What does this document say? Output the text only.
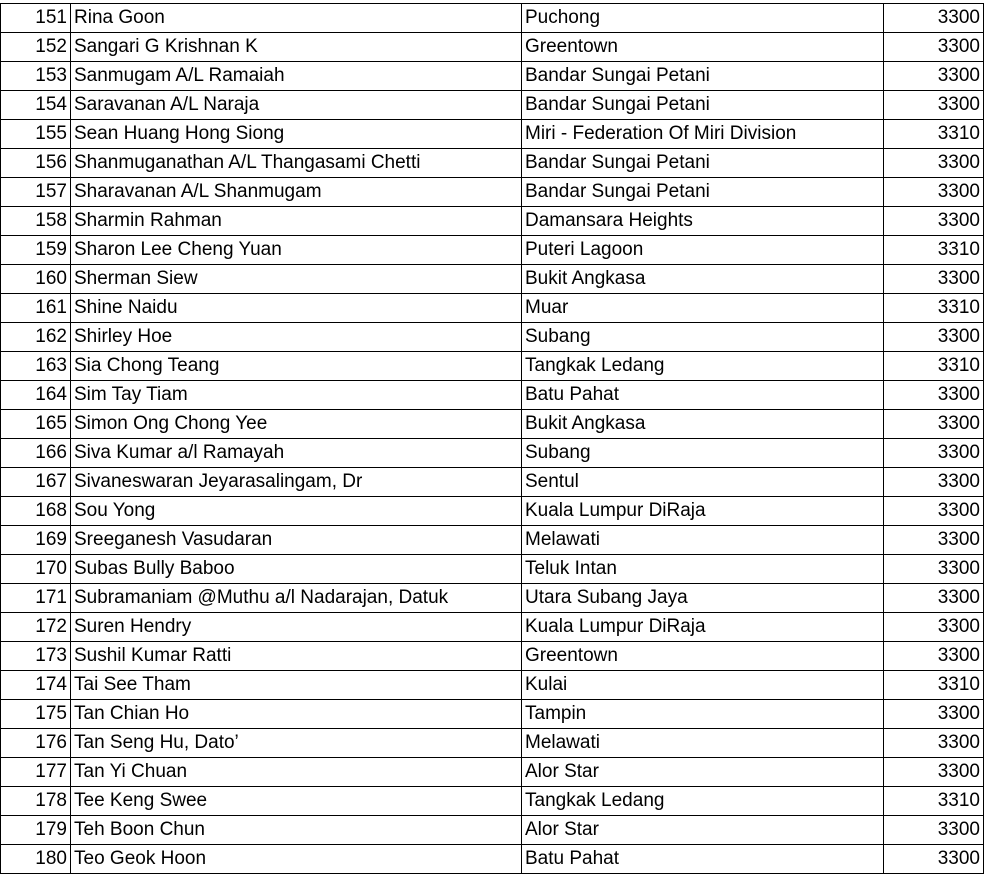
151	Rina Goon	Puchong	3300
152	Sangari G Krishnan K	Greentown	3300
153	Sanmugam A/L Ramaiah	Bandar Sungai Petani	3300
154	Saravanan A/L Naraja	Bandar Sungai Petani	3300
155	Sean Huang Hong Siong	Miri - Federation Of Miri Division	3310
156	Shanmuganathan A/L Thangasami Chetti	Bandar Sungai Petani	3300
157	Sharavanan A/L Shanmugam	Bandar Sungai Petani	3300
158	Sharmin Rahman	Damansara Heights	3300
159	Sharon Lee Cheng Yuan	Puteri Lagoon	3310
160	Sherman Siew	Bukit Angkasa	3300
161	Shine Naidu	Muar	3310
162	Shirley Hoe	Subang	3300
163	Sia Chong Teang	Tangkak Ledang	3310
164	Sim Tay Tiam	Batu Pahat	3300
165	Simon Ong Chong Yee	Bukit Angkasa	3300
166	Siva Kumar a/l Ramayah	Subang	3300
167	Sivaneswaran Jeyarasalingam, Dr	Sentul	3300
168	Sou Yong	Kuala Lumpur DiRaja	3300
169	Sreeganesh Vasudaran	Melawati	3300
170	Subas Bully Baboo	Teluk Intan	3300
171	Subramaniam @Muthu a/l Nadarajan, Datuk	Utara Subang Jaya	3300
172	Suren Hendry	Kuala Lumpur DiRaja	3300
173	Sushil Kumar Ratti	Greentown	3300
174	Tai See Tham	Kulai	3310
175	Tan Chian Ho	Tampin	3300
176	Tan Seng Hu, Dato’	Melawati	3300
177	Tan Yi Chuan	Alor Star	3300
178	Tee Keng Swee	Tangkak Ledang	3310
179	Teh Boon Chun	Alor Star	3300
180	Teo Geok Hoon	Batu Pahat	3300
